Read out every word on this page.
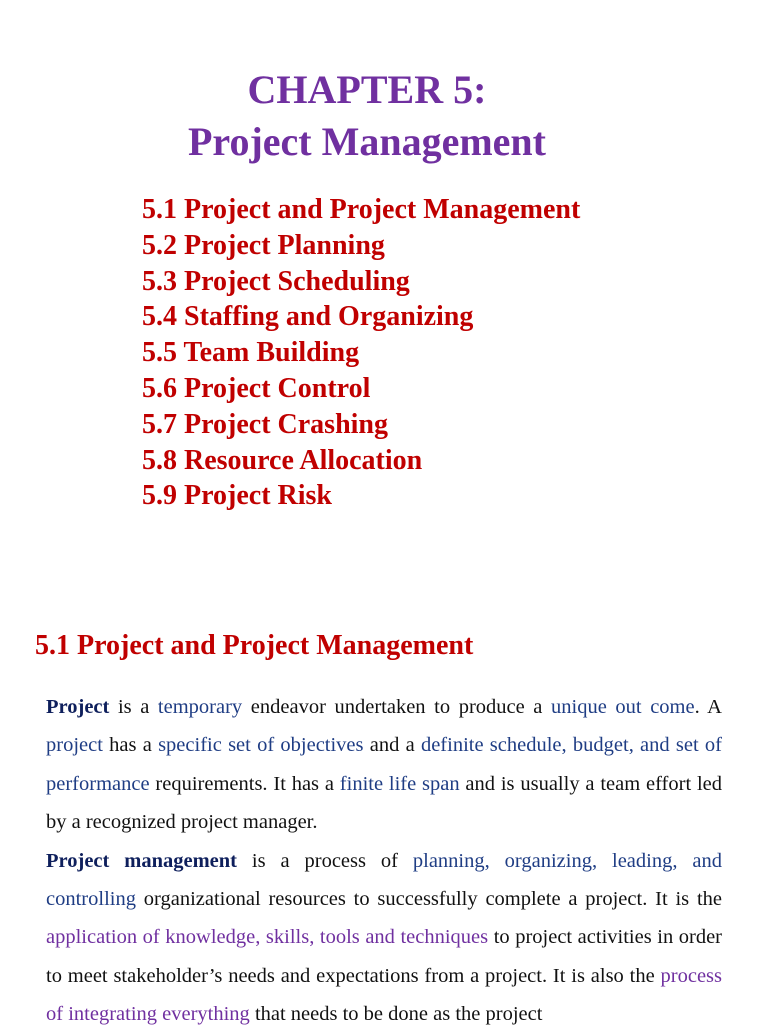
CHAPTER 5:
Project Management
5.1 Project and Project Management
5.2 Project Planning
5.3 Project Scheduling
5.4 Staffing and Organizing
5.5 Team Building
5.6 Project Control
5.7 Project Crashing
5.8 Resource Allocation
5.9 Project Risk
5.1 Project and Project Management

Project is a temporary endeavor undertaken to produce a unique out come. A project has a specific set of objectives and a definite schedule, budget, and set of performance requirements. It has a finite life span and is usually a team effort led by a recognized project manager.

Project management is a process of planning, organizing, leading, and controlling organizational resources to successfully complete a project. It is the application of knowledge, skills, tools and techniques to project activities in order to meet stakeholder’s needs and expectations from a project. It is also the process of integrating everything that needs to be done as the project
